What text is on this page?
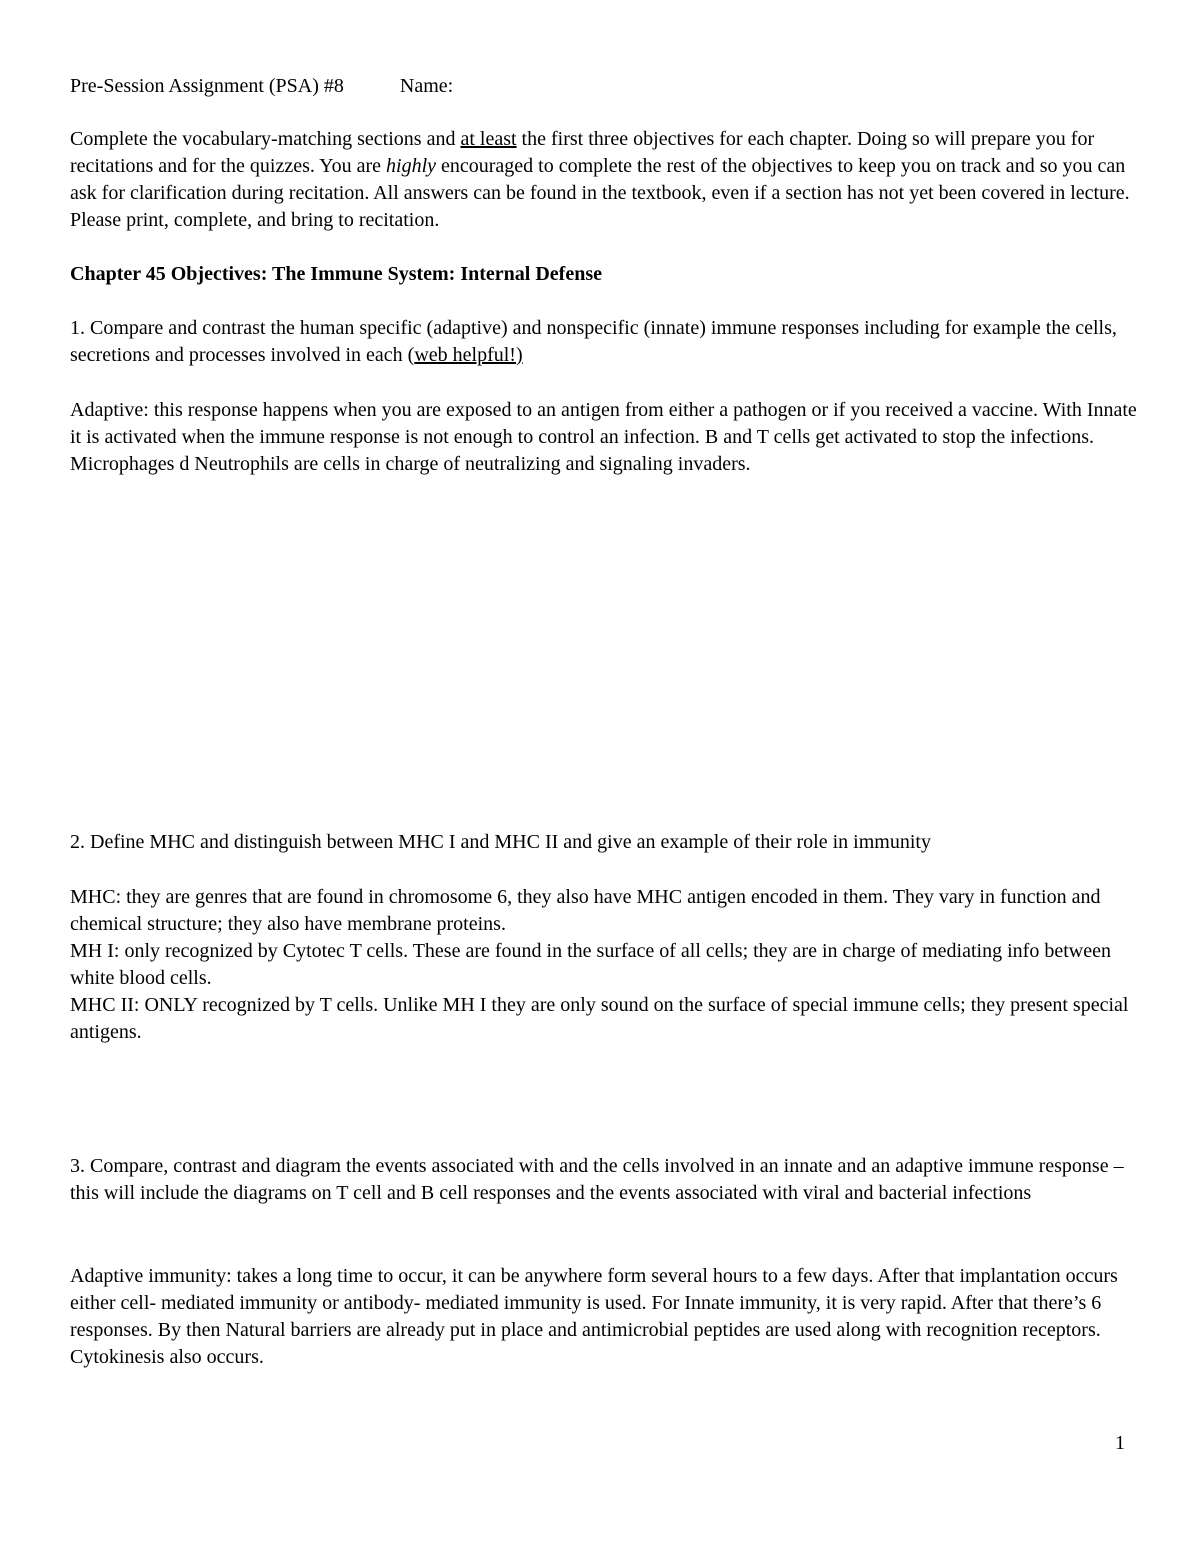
Pre-Session Assignment (PSA) #8	Name:

Complete the vocabulary-matching sections and at least the first three objectives for each chapter. Doing so will prepare you for recitations and for the quizzes. You are highly encouraged to complete the rest of the objectives to keep you on track and so you can ask for clarification during recitation. All answers can be found in the textbook, even if a section has not yet been covered in lecture. Please print, complete, and bring to recitation.

Chapter 45 Objectives: The Immune System: Internal Defense

1. Compare and contrast the human specific (adaptive) and nonspecific (innate) immune responses including for example the cells, secretions and processes involved in each (web helpful!)

Adaptive: this response happens when you are exposed to an antigen from either a pathogen or if you received a vaccine. With Innate it is activated when the immune response is not enough to control an infection. B and T cells get activated to stop the infections. Microphages d Neutrophils are cells in charge of neutralizing and signaling invaders.

2. Define MHC and distinguish between MHC I and MHC II and give an example of their role in immunity

MHC: they are genres that are found in chromosome 6, they also have MHC antigen encoded in them. They vary in function and chemical structure; they also have membrane proteins.
MH I: only recognized by Cytotec T cells. These are found in the surface of all cells; they are in charge of mediating info between white blood cells.
MHC II: ONLY recognized by T cells. Unlike MH I they are only sound on the surface of special immune cells; they present special antigens.

3. Compare, contrast and diagram the events associated with and the cells involved in an innate and an adaptive immune response – this will include the diagrams on T cell and B cell responses and the events associated with viral and bacterial infections

Adaptive immunity: takes a long time to occur, it can be anywhere form several hours to a few days. After that implantation occurs either cell- mediated immunity or antibody- mediated immunity is used. For Innate immunity, it is very rapid. After that there’s 6 responses. By then Natural barriers are already put in place and antimicrobial peptides are used along with recognition receptors. Cytokinesis also occurs.

1
